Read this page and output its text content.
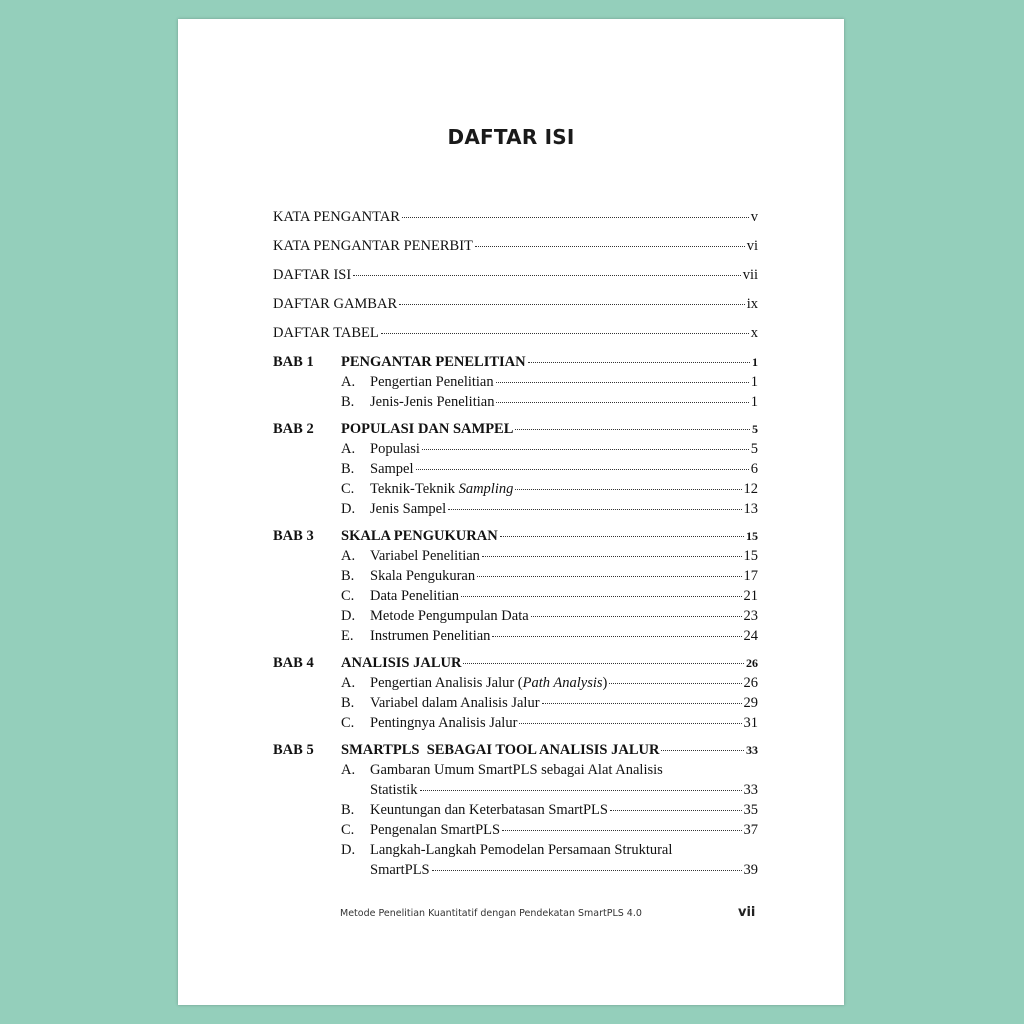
DAFTAR ISI
KATA PENGANTAR	v
KATA PENGANTAR PENERBIT	vi
DAFTAR ISI	vii
DAFTAR GAMBAR	ix
DAFTAR TABEL	x
BAB 1	PENGANTAR PENELITIAN	1
A.	Pengertian Penelitian	1
B.	Jenis-Jenis Penelitian	1
BAB 2	POPULASI DAN SAMPEL	5
A.	Populasi	5
B.	Sampel	6
C.	Teknik-Teknik Sampling	12
D.	Jenis Sampel	13
BAB 3	SKALA PENGUKURAN	15
A.	Variabel Penelitian	15
B.	Skala Pengukuran	17
C.	Data Penelitian	21
D.	Metode Pengumpulan Data	23
E.	Instrumen Penelitian	24
BAB 4	ANALISIS JALUR	26
A.	Pengertian Analisis Jalur (Path Analysis)	26
B.	Variabel dalam Analisis Jalur	29
C.	Pentingnya Analisis Jalur	31
BAB 5	SMARTPLS  SEBAGAI TOOL ANALISIS JALUR	33
A.	Gambaran Umum SmartPLS sebagai Alat Analisis
Statistik	33
B.	Keuntungan dan Keterbatasan SmartPLS	35
C.	Pengenalan SmartPLS	37
D.	Langkah-Langkah Pemodelan Persamaan Struktural
SmartPLS	39
Metode Penelitian Kuantitatif dengan Pendekatan SmartPLS 4.0	vii
